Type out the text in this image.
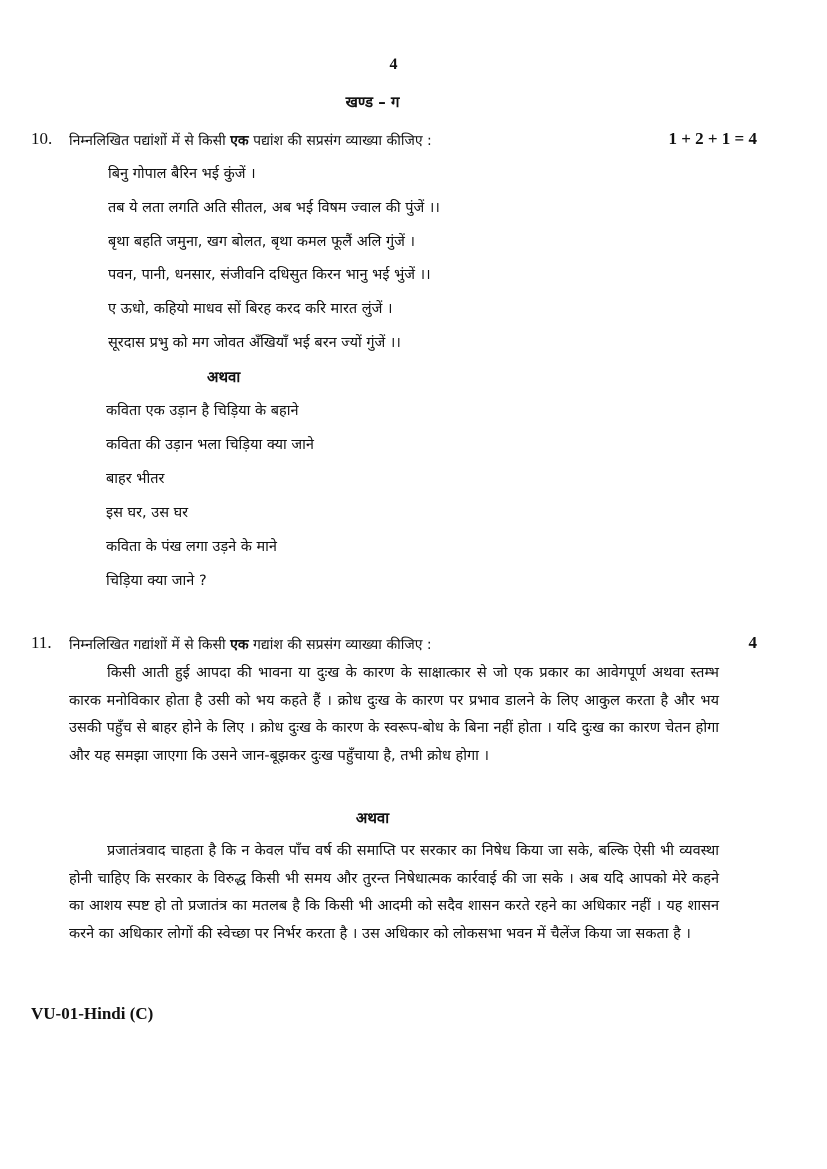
4
खण्ड – ग
10. निम्नलिखित पद्यांशों में से किसी एक पद्यांश की सप्रसंग व्याख्या कीजिए :	1 + 2 + 1 = 4
बिनु गोपाल बैरिन भई कुंजें ।
तब ये लता लगति अति सीतल, अब भई विषम ज्वाल की पुंजें ।।
बृथा बहति जमुना, खग बोलत, बृथा कमल फूलैं अलि गुंजें ।
पवन, पानी, धनसार, संजीवनि दधिसुत किरन भानु भई भुंजें ।।
ए ऊधो, कहियो माधव सों बिरह करद करि मारत लुंजें ।
सूरदास प्रभु को मग जोवत अँखियाँ भई बरन ज्यों गुंजें ।।
अथवा
कविता एक उड़ान है चिड़िया के बहाने
कविता की उड़ान भला चिड़िया क्या जाने
बाहर भीतर
इस घर, उस घर
कविता के पंख लगा उड़ने के माने
चिड़िया क्या जाने ?
11. निम्नलिखित गद्यांशों में से किसी एक गद्यांश की सप्रसंग व्याख्या कीजिए :	4

किसी आती हुई आपदा की भावना या दुःख के कारण के साक्षात्कार से जो एक प्रकार का आवेगपूर्ण अथवा स्तम्भ कारक मनोविकार होता है उसी को भय कहते हैं । क्रोध दुःख के कारण पर प्रभाव डालने के लिए आकुल करता है और भय उसकी पहुँच से बाहर होने के लिए । क्रोध दुःख के कारण के स्वरूप-बोध के बिना नहीं होता । यदि दुःख का कारण चेतन होगा और यह समझा जाएगा कि उसने जान-बूझकर दुःख पहुँचाया है, तभी क्रोध होगा ।

अथवा

प्रजातंत्रवाद चाहता है कि न केवल पाँच वर्ष की समाप्ति पर सरकार का निषेध किया जा सके, बल्कि ऐसी भी व्यवस्था होनी चाहिए कि सरकार के विरुद्ध किसी भी समय और तुरन्त निषेधात्मक कार्रवाई की जा सके । अब यदि आपको मेरे कहने का आशय स्पष्ट हो तो प्रजातंत्र का मतलब है कि किसी भी आदमी को सदैव शासन करते रहने का अधिकार नहीं । यह शासन करने का अधिकार लोगों की स्वेच्छा पर निर्भर करता है । उस अधिकार को लोकसभा भवन में चैलेंज किया जा सकता है ।

VU-01-Hindi (C)
